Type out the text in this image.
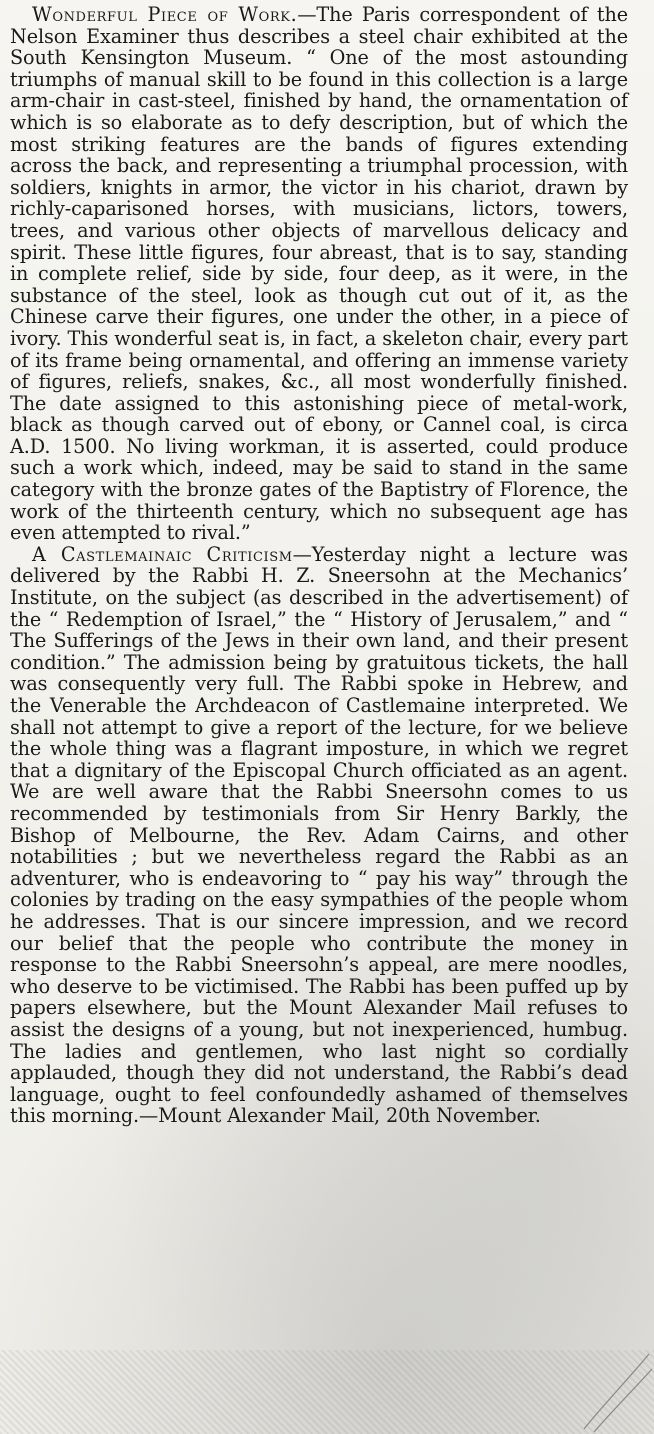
Wonderful Piece of Work.—The Paris correspondent of the Nelson Examiner thus describes a steel chair exhibited at the South Kensington Museum. “ One of the most astounding triumphs of manual skill to be found in this collection is a large arm-chair in cast-steel, finished by hand, the ornamentation of which is so elaborate as to defy description, but of which the most striking features are the bands of figures extending across the back, and representing a triumphal procession, with soldiers, knights in armor, the victor in his chariot, drawn by richly-caparisoned horses, with musicians, lictors, towers, trees, and various other objects of marvellous delicacy and spirit. These little figures, four abreast, that is to say, standing in complete relief, side by side, four deep, as it were, in the substance of the steel, look as though cut out of it, as the Chinese carve their figures, one under the other, in a piece of ivory. This wonderful seat is, in fact, a skeleton chair, every part of its frame being ornamental, and offering an immense variety of figures, reliefs, snakes, &c., all most wonderfully finished. The date assigned to this astonishing piece of metal-work, black as though carved out of ebony, or Cannel coal, is circa A.D. 1500. No living workman, it is asserted, could produce such a work which, indeed, may be said to stand in the same category with the bronze gates of the Baptistry of Florence, the work of the thirteenth century, which no subsequent age has even attempted to rival.”

A Castlemainaic Criticism—Yesterday night a lecture was delivered by the Rabbi H. Z. Sneersohn at the Mechanics’ Institute, on the subject (as described in the advertisement) of the “ Redemption of Israel,” the “ History of Jerusalem,” and “ The Sufferings of the Jews in their own land, and their present condition.” The admission being by gratuitous tickets, the hall was consequently very full. The Rabbi spoke in Hebrew, and the Venerable the Archdeacon of Castlemaine interpreted. We shall not attempt to give a report of the lecture, for we believe the whole thing was a flagrant imposture, in which we regret that a dignitary of the Episcopal Church officiated as an agent. We are well aware that the Rabbi Sneersohn comes to us recommended by testimonials from Sir Henry Barkly, the Bishop of Melbourne, the Rev. Adam Cairns, and other notabilities ; but we nevertheless regard the Rabbi as an adventurer, who is endeavoring to “ pay his way” through the colonies by trading on the easy sympathies of the people whom he addresses. That is our sincere impression, and we record our belief that the people who contribute the money in response to the Rabbi Sneersohn’s appeal, are mere noodles, who deserve to be victimised. The Rabbi has been puffed up by papers elsewhere, but the Mount Alexander Mail refuses to assist the designs of a young, but not inexperienced, humbug. The ladies and gentlemen, who last night so cordially applauded, though they did not understand, the Rabbi’s dead language, ought to feel confoundedly ashamed of themselves this morning.—Mount Alexander Mail, 20th November.
